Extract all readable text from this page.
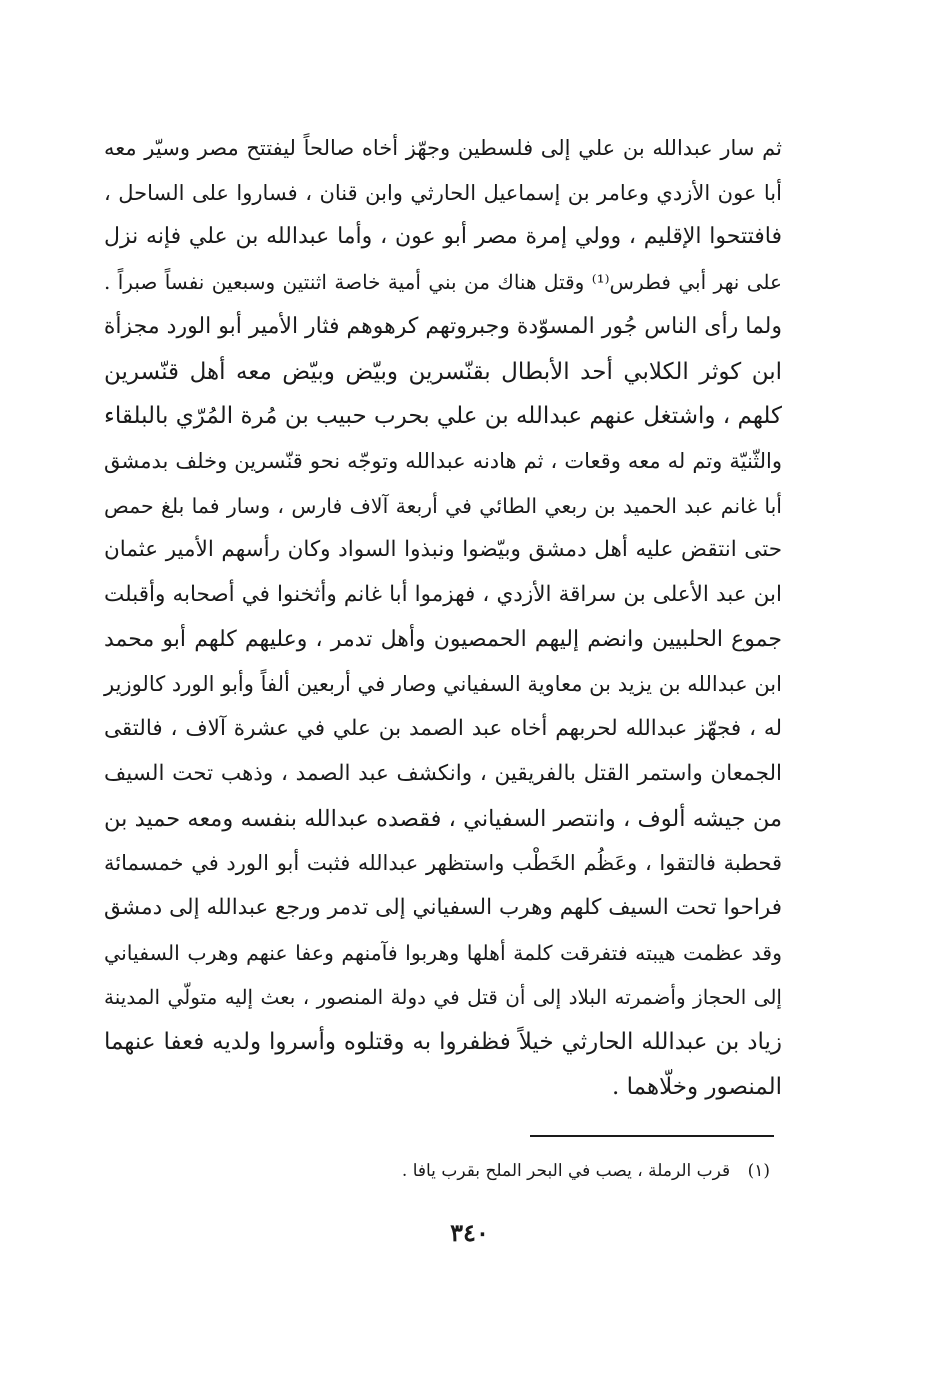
ثم سار عبدالله بن علي إلى فلسطين وجهّز أخاه صالحاً ليفتتح مصر وسيّر معه
أبا عون الأزدي وعامر بن إسماعيل الحارثي وابن قنان ، فساروا على الساحل ،
فافتتحوا الإقليم ، وولي إمرة مصر أبو عون ، وأما عبدالله بن علي فإنه نزل
على نهر أبي فطرس⁽¹⁾ وقتل هناك من بني أمية خاصة اثنتين وسبعين نفساً صبراً .
ولما رأى الناس جُور المسوّدة وجبروتهم كرهوهم فثار الأمير أبو الورد مجزأة
ابن كوثر الكلابي أحد الأبطال بقنّسرين وبيّض وبيّض معه أهل قنّسرين
كلهم ، واشتغل عنهم عبدالله بن علي بحرب حبيب بن مُرة المُرّي بالبلقاء
والثّنيّة وتم له معه وقعات ، ثم هادنه عبدالله وتوجّه نحو قنّسرين وخلف بدمشق
أبا غانم عبد الحميد بن ربعي الطائي في أربعة آلاف فارس ، وسار فما بلغ حمص
حتى انتقض عليه أهل دمشق وبيّضوا ونبذوا السواد وكان رأسهم الأمير عثمان
ابن عبد الأعلى بن سراقة الأزدي ، فهزموا أبا غانم وأثخنوا في أصحابه وأقبلت
جموع الحلبيين وانضم إليهم الحمصيون وأهل تدمر ، وعليهم كلهم أبو محمد
ابن عبدالله بن يزيد بن معاوية السفياني وصار في أربعين ألفاً وأبو الورد كالوزير
له ، فجهّز عبدالله لحربهم أخاه عبد الصمد بن علي في عشرة آلاف ، فالتقى
الجمعان واستمر القتل بالفريقين ، وانكشف عبد الصمد ، وذهب تحت السيف
من جيشه ألوف ، وانتصر السفياني ، فقصده عبدالله بنفسه ومعه حميد بن
قحطبة فالتقوا ، وعَظُم الخَطْب واستظهر عبدالله فثبت أبو الورد في خمسمائة
فراحوا تحت السيف كلهم وهرب السفياني إلى تدمر ورجع عبدالله إلى دمشق
وقد عظمت هيبته فتفرقت كلمة أهلها وهربوا فآمنهم وعفا عنهم وهرب السفياني
إلى الحجاز وأضمرته البلاد إلى أن قتل في دولة المنصور ، بعث إليه متولّي المدينة
زياد بن عبدالله الحارثي خيلاً فظفروا به وقتلوه وأسروا ولديه فعفا عنهما
المنصور وخلّاهما .
(١) قرب الرملة ، يصب في البحر الملح بقرب يافا .
٣٤٠
